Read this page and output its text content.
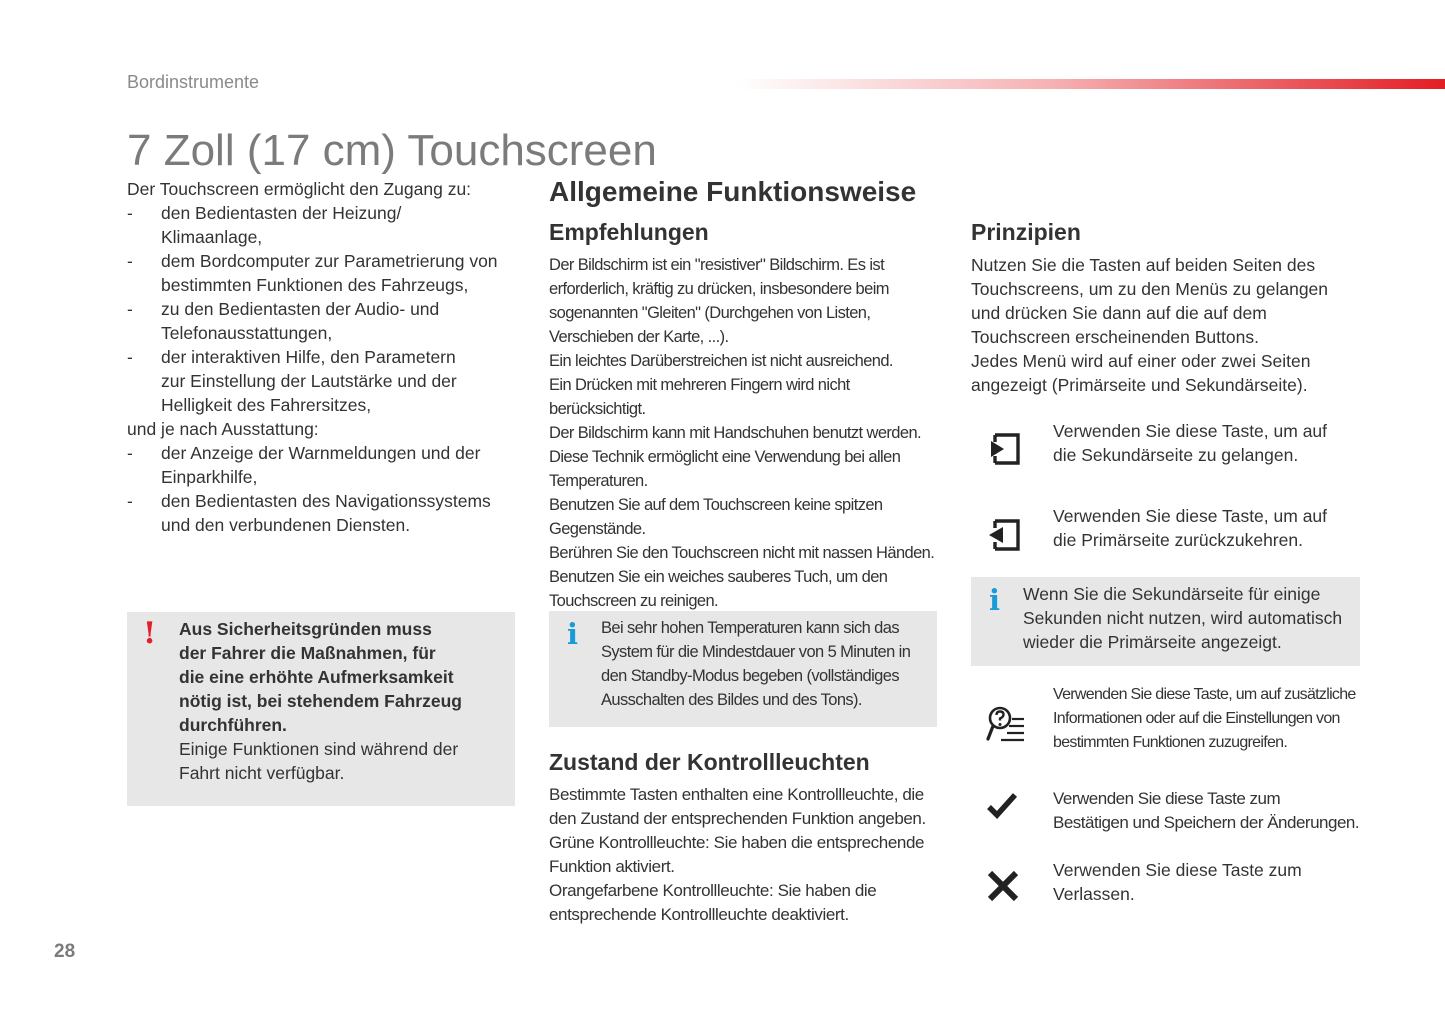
Bordinstrumente
7 Zoll (17 cm) Touchscreen

Der Touchscreen ermöglicht den Zugang zu:

- den Bedientasten der Heizung/
Klimaanlage,
- dem Bordcomputer zur Parametrierung von
bestimmten Funktionen des Fahrzeugs,
- zu den Bedientasten der Audio- und
Telefonausstattungen,
- der interaktiven Hilfe, den Parametern
zur Einstellung der Lautstärke und der
Helligkeit des Fahrersitzes,

und je nach Ausstattung:

- der Anzeige der Warnmeldungen und der
Einparkhilfe,
- den Bedientasten des Navigationssystems
und den verbundenen Diensten.
! Aus Sicherheitsgründen muss
der Fahrer die Maßnahmen, für
die eine erhöhte Aufmerksamkeit
nötig ist, bei stehendem Fahrzeug
durchführen.
Einige Funktionen sind während der
Fahrt nicht verfügbar.
Allgemeine Funktionsweise
Empfehlungen
Der Bildschirm ist ein "resistiver" Bildschirm. Es ist
erforderlich, kräftig zu drücken, insbesondere beim
sogenannten "Gleiten" (Durchgehen von Listen,
Verschieben der Karte, ...).
Ein leichtes Darüberstreichen ist nicht ausreichend.
Ein Drücken mit mehreren Fingern wird nicht berücksichtigt.
Der Bildschirm kann mit Handschuhen benutzt werden.
Diese Technik ermöglicht eine Verwendung bei allen
Temperaturen.
Benutzen Sie auf dem Touchscreen keine spitzen
Gegenstände.
Berühren Sie den Touchscreen nicht mit nassen Händen.
Benutzen Sie ein weiches sauberes Tuch, um den
Touchscreen zu reinigen.
i Bei sehr hohen Temperaturen kann sich das
System für die Mindestdauer von 5 Minuten in
den Standby-Modus begeben (vollständiges
Ausschalten des Bildes und des Tons).
Zustand der Kontrollleuchten
Bestimmte Tasten enthalten eine Kontrollleuchte, die
den Zustand der entsprechenden Funktion angeben.
Grüne Kontrollleuchte: Sie haben die entsprechende
Funktion aktiviert.
Orangefarbene Kontrollleuchte: Sie haben die
entsprechende Kontrollleuchte deaktiviert.
Prinzipien
Nutzen Sie die Tasten auf beiden Seiten des
Touchscreens, um zu den Menüs zu gelangen
und drücken Sie dann auf die auf dem
Touchscreen erscheinenden Buttons.
Jedes Menü wird auf einer oder zwei Seiten
angezeigt (Primärseite und Sekundärseite).
Verwenden Sie diese Taste, um auf
die Sekundärseite zu gelangen.
Verwenden Sie diese Taste, um auf
die Primärseite zurückzukehren.
i Wenn Sie die Sekundärseite für einige
Sekunden nicht nutzen, wird automatisch
wieder die Primärseite angezeigt.
Verwenden Sie diese Taste, um auf zusätzliche
Informationen oder auf die Einstellungen von
bestimmten Funktionen zuzugreifen.
Verwenden Sie diese Taste zum
Bestätigen und Speichern der Änderungen.
Verwenden Sie diese Taste zum
Verlassen.
28
